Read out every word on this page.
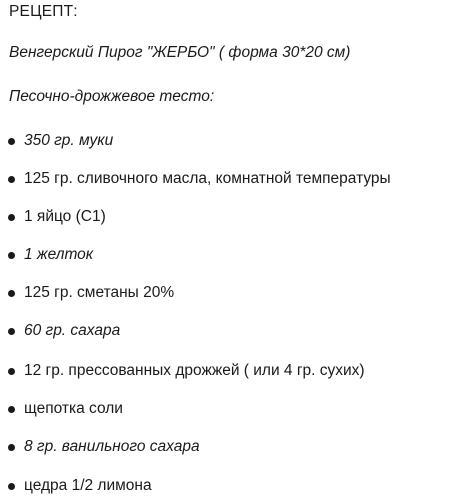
РЕЦЕПТ:
Венгерский Пирог "ЖЕРБО" ( форма 30*20 см)
Песочно-дрожжевое тесто:
350 гр. муки
125 гр. сливочного масла, комнатной температуры
1 яйцо (С1)
1 желток
125 гр. сметаны 20%
60 гр. сахара
12 гр. прессованных дрожжей ( или 4 гр. сухих)
щепотка соли
8 гр. ванильного сахара
цедра 1/2 лимона
